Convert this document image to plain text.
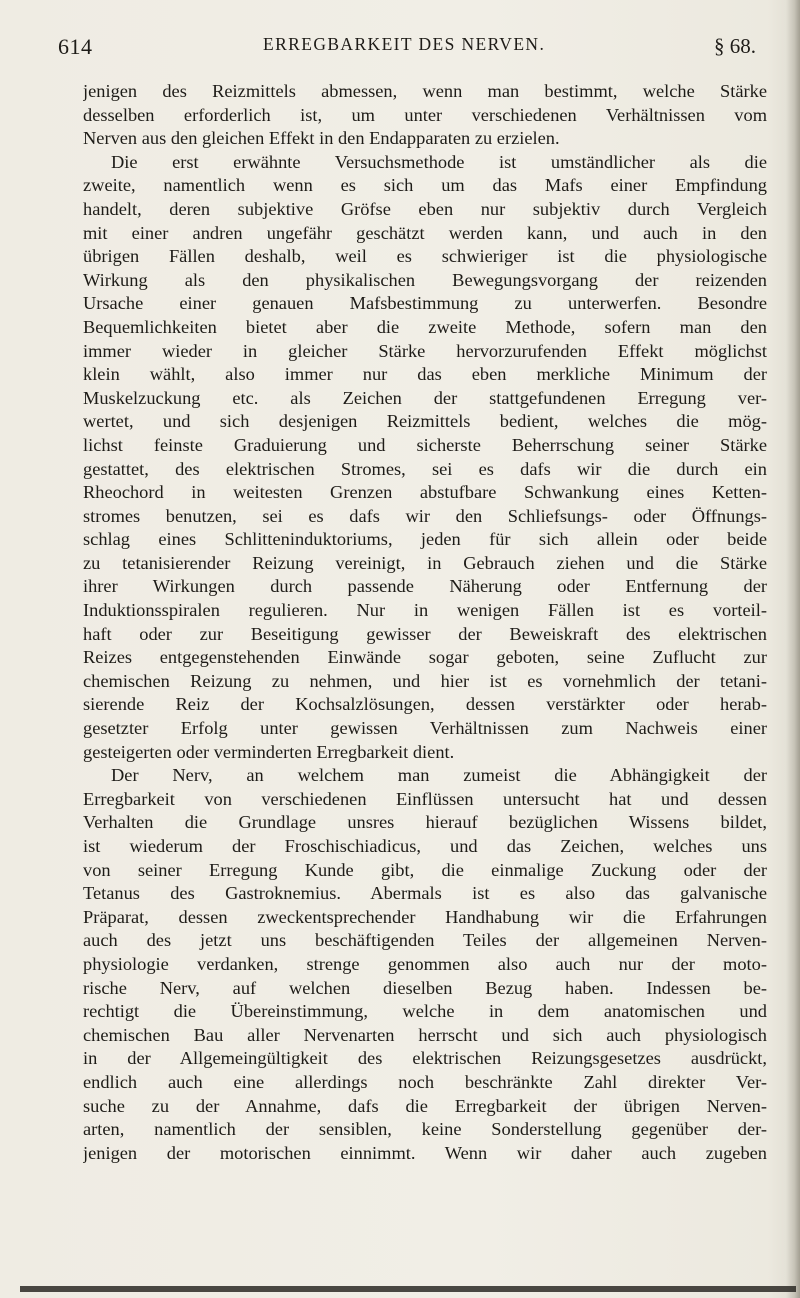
614	ERREGBARKEIT DES NERVEN.	§ 68.
jenigen des Reizmittels abmessen, wenn man bestimmt, welche Stärke
desselben erforderlich ist, um unter verschiedenen Verhältnissen vom
Nerven aus den gleichen Effekt in den Endapparaten zu erzielen.
Die erst erwähnte Versuchsmethode ist umständlicher als die
zweite, namentlich wenn es sich um das Mafs einer Empfindung
handelt, deren subjektive Gröfse eben nur subjektiv durch Vergleich
mit einer andren ungefähr geschätzt werden kann, und auch in den
übrigen Fällen deshalb, weil es schwieriger ist die physiologische
Wirkung als den physikalischen Bewegungsvorgang der reizenden
Ursache einer genauen Mafsbestimmung zu unterwerfen. Besondre
Bequemlichkeiten bietet aber die zweite Methode, sofern man den
immer wieder in gleicher Stärke hervorzurufenden Effekt möglichst
klein wählt, also immer nur das eben merkliche Minimum der
Muskelzuckung etc. als Zeichen der stattgefundenen Erregung ver-
wertet, und sich desjenigen Reizmittels bedient, welches die mög-
lichst feinste Graduierung und sicherste Beherrschung seiner Stärke
gestattet, des elektrischen Stromes, sei es dafs wir die durch ein
Rheochord in weitesten Grenzen abstufbare Schwankung eines Ketten-
stromes benutzen, sei es dafs wir den Schliefsungs- oder Öffnungs-
schlag eines Schlitteninduktoriums, jeden für sich allein oder beide
zu tetanisierender Reizung vereinigt, in Gebrauch ziehen und die Stärke
ihrer Wirkungen durch passende Näherung oder Entfernung der
Induktionsspiralen regulieren. Nur in wenigen Fällen ist es vorteil-
haft oder zur Beseitigung gewisser der Beweiskraft des elektrischen
Reizes entgegenstehenden Einwände sogar geboten, seine Zuflucht zur
chemischen Reizung zu nehmen, und hier ist es vornehmlich der tetani-
sierende Reiz der Kochsalzlösungen, dessen verstärkter oder herab-
gesetzter Erfolg unter gewissen Verhältnissen zum Nachweis einer
gesteigerten oder verminderten Erregbarkeit dient.
Der Nerv, an welchem man zumeist die Abhängigkeit der
Erregbarkeit von verschiedenen Einflüssen untersucht hat und dessen
Verhalten die Grundlage unsres hierauf bezüglichen Wissens bildet,
ist wiederum der Froschischiadicus, und das Zeichen, welches uns
von seiner Erregung Kunde gibt, die einmalige Zuckung oder der
Tetanus des Gastroknemius. Abermals ist es also das galvanische
Präparat, dessen zweckentsprechender Handhabung wir die Erfahrungen
auch des jetzt uns beschäftigenden Teiles der allgemeinen Nerven-
physiologie verdanken, strenge genommen also auch nur der moto-
rische Nerv, auf welchen dieselben Bezug haben. Indessen be-
rechtigt die Übereinstimmung, welche in dem anatomischen und
chemischen Bau aller Nervenarten herrscht und sich auch physiologisch
in der Allgemeingültigkeit des elektrischen Reizungsgesetzes ausdrückt,
endlich auch eine allerdings noch beschränkte Zahl direkter Ver-
suche zu der Annahme, dafs die Erregbarkeit der übrigen Nerven-
arten, namentlich der sensiblen, keine Sonderstellung gegenüber der-
jenigen der motorischen einnimmt. Wenn wir daher auch zugeben
